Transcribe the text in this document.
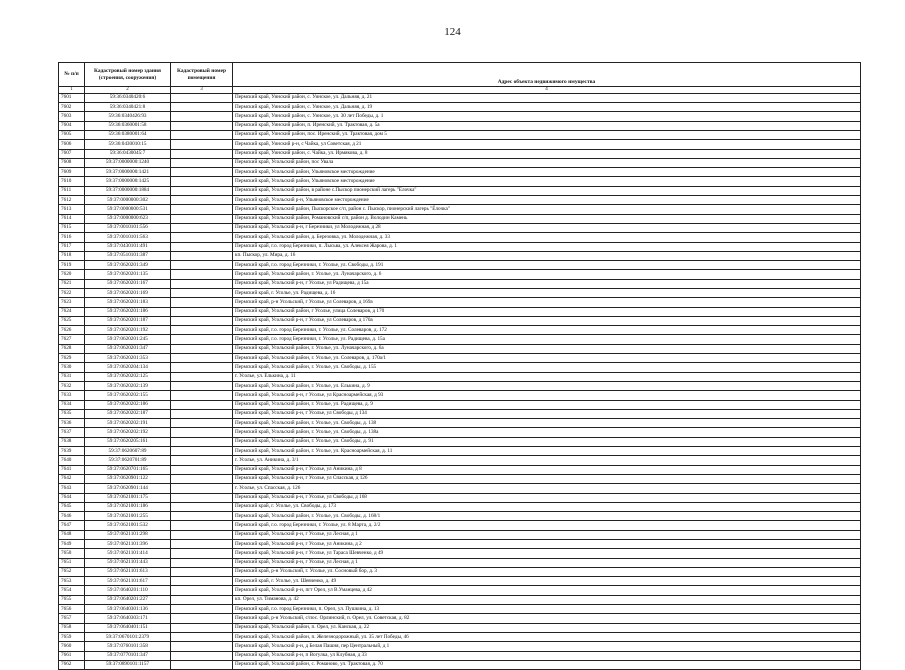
124
№ п/п	Кадастровый номер здания (строения, сооружения)	Кадастровый номер помещения	Адрес объекта недвижимого имущества
1	2	3	4
7601	59:36:0340420:6		Пермский край, Уинский район, с. Уинское, ул. Дальняя, д. 21
7602	59:36:0340421:8		Пермский край, Уинский район, с. Уинское, ул. Дальняя, д. 19
7603	59:36:0340426:93		Пермский край, Уинский район, с. Уинское, ул. 30 лет Победы, д. 1
7604	59:36:0360001:58		Пермский край, Уинский район, п. Иренский, ул. Трактовая, д. 5а
7605	59:36:0380001:64		Пермский край, Уинский район, пос. Иренский, ул. Трактовая, дом 5
7606	59:36:0430010:15		Пермский край, Уинский р-н, с Чайка, ул Советская, д 21
7607	59:36:0430045:7		Пермский край, Уинский район, с. Чайка, ул. Ирмякова, д. 8
7608	59:37:0000000:1240		Пермский край, Усольский район, пос Увала
7609	59:37:0000000:1421		Пермский край, Усольский район, Ульяновское месторождение
7610	59:37:0000000:1425		Пермский край, Усольский район, Ульяновское месторождение
7611	59:37:0000000:1884		Пермский край, Усольский район, в районе с.Пыскор пионерский лагерь "Ёлочка"
7612	59:37:0000000:302		Пермский край, Усольский р-н, Ульяновское месторождение
7613	59:37:0000000:531		Пермский край, Усольский район, Пыскорское с/п, район с. Пыскор, пионерский лагерь "Ёлочка"
7614	59:37:0000000:623		Пермский край, Усольский район, Романовский с/п, район д. Володин Камень
7615	59:37:0010101:556		Пермский край, Усольский р-н, г Березники, ул Молодежная, д 28
7616	59:37:0010101:563		Пермский край, Усольский район, д. Березовка, ул. Молодежная, д. 33
7617	59:37:0430101:491		Пермский край, г.о. город Березники, п. Лысьва, ул. Алексея Жарова, д. 1
7618	59:37:0510101:387		кп. Пыскор, ул. Мира, д. 16
7619	59:37:0620201:349		Пермский край, г.о. город Березники, г. Усолье, ул. Свободы, д. 191
7620	59:37:0620201:135		Пермский край, Усольский район, г. Усолье, ул. Луначарского, д. 6
7621	59:37:0620201:167		Пермский край, Усольский р-н, г Усолье, ул Радищева, д 15а
7622	59:37:0620201:169		Пермский край, г. Усолье, ул. Радищева, д. 16
7623	59:37:0620201:183		Пермский край, р-н Усольский, г Усолье, ул Солеваров, д 169а
7624	59:37:0620201:186		Пермский край, Усольский район, г Усолье, улица Солеваров, д 170
7625	59:37:0620201:187		Пермский край, Усольский р-н, г Усолье, ул Солеваров, д 170а
7626	59:37:0620201:192		Пермский край, г.о. город Березники, г. Усолье, ул. Солеваров, д. 172
7627	59:37:0620201:245		Пермский край, г.о. город Березники, г. Усолье, ул. Радищева, д. 15а
7628	59:37:0620201:347		Пермский край, Усольский район, г. Усолье, ул. Луначарского, д. 6а
7629	59:37:0620201:353		Пермский край, Усольский район, г. Усолье, ул. Солеваров, д. 170а/1
7630	59:37:0620204:134		Пермский край, Усольский район, г. Усолье, ул. Свободы, д. 155
7631	59:37:0620202:125		г. Усолье, ул. Елькина, д. 11
7632	59:37:0620202:139		Пермский край, Усольский район, г. Усолье, ул. Елькина, д. 9
7633	59:37:0620202:155		Пермский край, Усольский р-н, г Усолье, ул Красноармейская, д 93
7634	59:37:0620202:186		Пермский край, Усольский район, г. Усолье, ул. Радищева, д. 9
7635	59:37:0620202:187		Пермский край, Усольский р-н, г Усолье, ул Свободы, д 134
7636	59:37:0620202:191		Пермский край, Усольский район, г. Усолье, ул. Свободы, д. 138
7637	59:37:0620202:192		Пермский край, Усольский район, г. Усолье, ул. Свободы, д. 138а
7638	59:37:0620205:161		Пермский край, Усольский район, г. Усолье, ул. Свободы, д. 91
7639	59:37:0620607:89		Пермский край, Усольский район, г. Усолье, ул. Красноармейская, д. 11
7640	59:37:0620701:89		г. Усолье, ул. Аникина, д. 3/1
7641	59:37:0620701:165		Пермский край, Усольский р-н, г Усолье, ул Аникина, д 8
7642	59:37:0620901:122		Пермский край, Усольский р-н, г Усолье, ул Спасская, д 126
7643	59:37:0620901:144		г. Усолье, ул. Спасская, д. 126
7644	59:37:0621001:175		Пермский край, Усольский р-н, г Усолье, ул Свободы, д 168
7645	59:37:0621001:186		Пермский край, г. Усолье, ул. Свободы, д. 173
7646	59:37:0621001:255		Пермский край, Усольский район, г. Усолье, ул. Свободы, д. 168/1
7647	59:37:0621001:532		Пермский край, г.о. город Березники, г. Усолье, ул. 8 Марта, д. 2/2
7648	59:37:0621101:298		Пермский край, Усольский р-н, г Усолье, ул Лесная, д 1
7649	59:37:0621101:396		Пермский край, Усольский р-н, г Усолье, ул Аникина, д 2
7650	59:37:0621101:414		Пермский край, Усольский р-н, г Усолье, ул Тараса Шевченко, д 49
7651	59:37:0621101:443		Пермский край, Усольский р-н, г Усолье, ул Лесная, д 1
7652	59:37:0621101:613		Пермский край, р-н Усольский, г. Усолье, ул. Сосновый бор, д. 3
7653	59:37:0621101:617		Пермский край, г. Усолье, ул. Шевченко, д. 49
7654	59:37:0640201:110		Пермский край, Усольский р-н, пгт Орел, ул В.Уманцева, д 42
7655	59:37:0640201:227		кп. Орел, ул. Тиманова, д. 42
7656	59:37:0640301:136		Пермский край, г.о. город Березники, п. Орел, ул. Пушкина, д. 13
7657	59:37:0640303:171		Пермский край, р-н Усольский, с/пос. Орлинский, п. Орел, ул. Советская, д. 82
7658	59:37:0640401:151		Пермский край, Усольский район, п. Орел, ул. Канская, д. 22
7659	59:37:0670101:2379		Пермский край, Усольский район, п. Железнодорожный, ул. 35 лет Победы, 46
7660	59:37:0760101:358		Пермский край, Усольский р-н, д Белая Пашня, пер Центральный, д 1
7661	59:37:0770101:347		Пермский край, Усольский р-н, п Вогулка, ул Клубная, д 33
7662	59:37:0890101:1157		Пермский край, Усольский район, с. Романово, ул. Трактовая, д. 70
